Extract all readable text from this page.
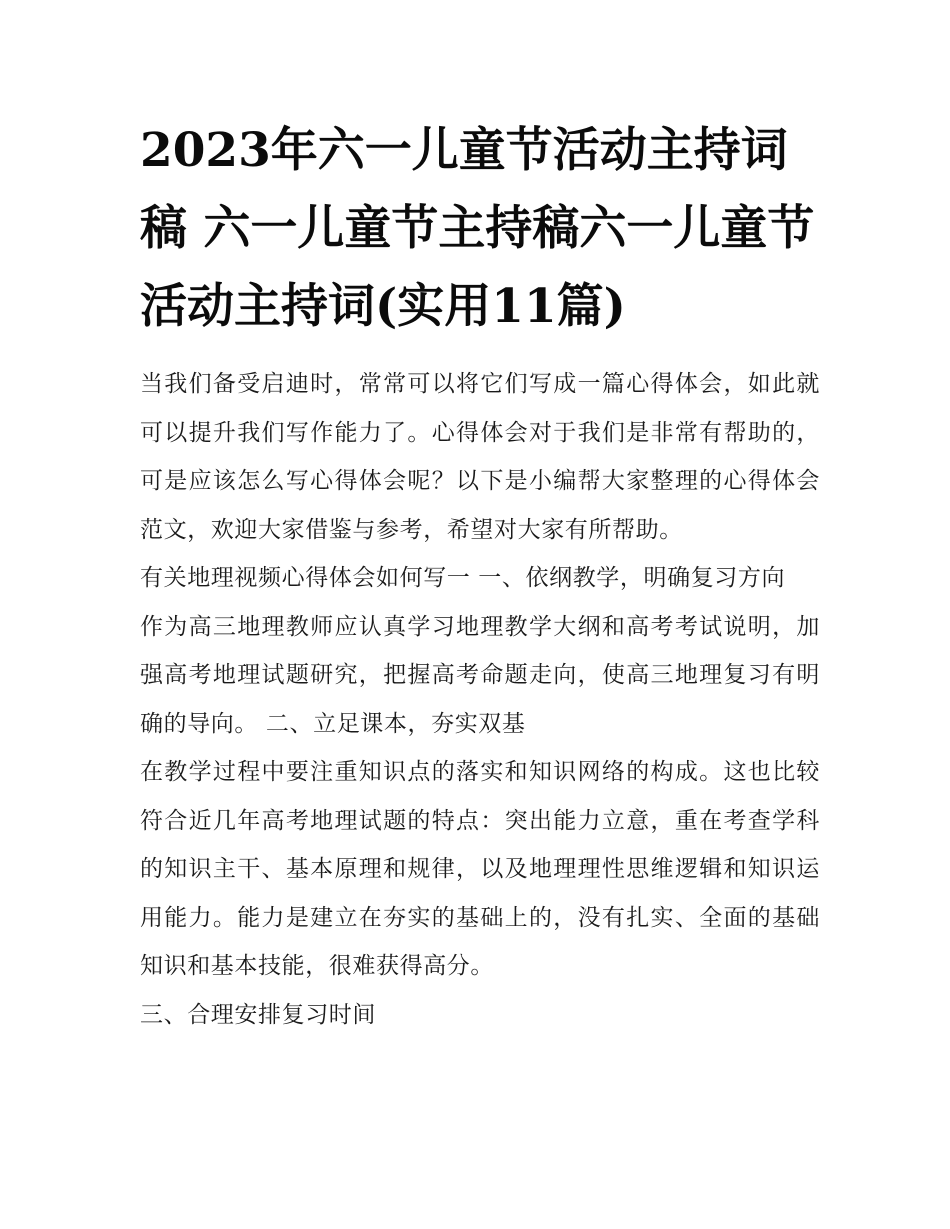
2023年六一儿童节活动主持词稿 六一儿童节主持稿六一儿童节活动主持词(实用11篇)

当我们备受启迪时，常常可以将它们写成一篇心得体会，如此就可以提升我们写作能力了。心得体会对于我们是非常有帮助的，可是应该怎么写心得体会呢？以下是小编帮大家整理的心得体会范文，欢迎大家借鉴与参考，希望对大家有所帮助。

有关地理视频心得体会如何写一 一、依纲教学，明确复习方向

作为高三地理教师应认真学习地理教学大纲和高考考试说明，加强高考地理试题研究，把握高考命题走向，使高三地理复习有明确的导向。 二、立足课本，夯实双基

在教学过程中要注重知识点的落实和知识网络的构成。这也比较符合近几年高考地理试题的特点：突出能力立意，重在考查学科的知识主干、基本原理和规律，以及地理理性思维逻辑和知识运用能力。能力是建立在夯实的基础上的，没有扎实、全面的基础知识和基本技能，很难获得高分。

三、合理安排复习时间
